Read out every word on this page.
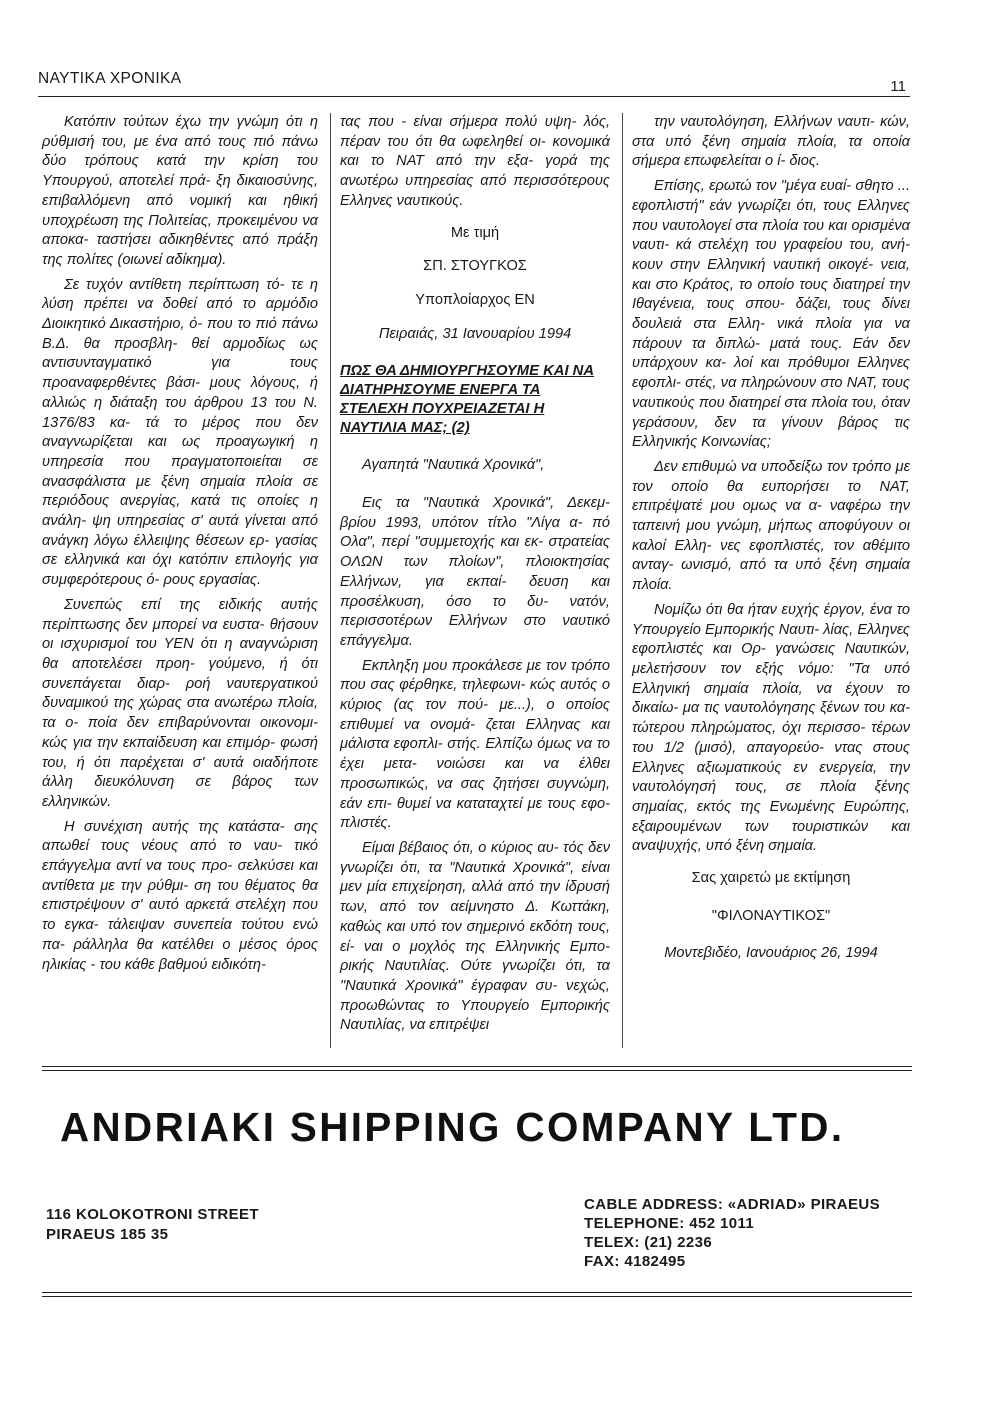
ΝΑΥΤΙΚΑ ΧΡΟΝΙΚΑ	11

Κατόπιν τούτων έχω την γνώμη ότι η ρύθμισή του, με ένα από τους πιό πάνω δύο τρόπους κατά την κρίση του Υπουργού, αποτελεί πρά- ξη δικαιοσύνης, επιβαλλόμενη από νομική και ηθική υποχρέωση της Πολιτείας, προκειμένου να αποκα- ταστήσει αδικηθέντες από πράξη της πολίτες (οιωνεί αδίκημα).

Σε τυχόν αντίθετη περίπτωση τό- τε η λύση πρέπει να δοθεί από το αρμόδιο Διοικητικό Δικαστήριο, ό- που το πιό πάνω Β.Δ. θα προσβλη- θεί αρμοδίως ως αντισυνταγματικό για τους προαναφερθέντες βάσι- μους λόγους, ή αλλιώς η διάταξη του άρθρου 13 του Ν. 1376/83 κα- τά το μέρος που δεν αναγνωρίζεται και ως προαγωγική η υπηρεσία που πραγματοποιείται σε ανασφάλιστα με ξένη σημαία πλοία σε περιόδους ανεργίας, κατά τις οποίες η ανάλη- ψη υπηρεσίας σ' αυτά γίνεται από ανάγκη λόγω έλλειψης θέσεων ερ- γασίας σε ελληνικά και όχι κατόπιν επιλογής για συμφερότερους ό- ρους εργασίας.

Συνεπώς επί της ειδικής αυτής περίπτωσης δεν μπορεί να ευστα- θήσουν οι ισχυρισμοί του ΥΕΝ ότι η αναγνώριση θα αποτελέσει προη- γούμενο, ή ότι συνεπάγεται διαρ- ροή ναυτεργατικού δυναμικού της χώρας στα ανωτέρω πλοία, τα ο- ποία δεν επιβαρύνονται οικονομι- κώς για την εκπαίδευση και επιμόρ- φωσή του, ή ότι παρέχεται σ' αυτά οιαδήποτε άλλη διευκόλυνση σε βάρος των ελληνικών.

Η συνέχιση αυτής της κατάστα- σης απωθεί τους νέους από το ναυ- τικό επάγγελμα αντί να τους προ- σελκύσει και αντίθετα με την ρύθμι- ση του θέματος θα επιστρέψουν σ' αυτό αρκετά στελέχη που το εγκα- τάλειψαν συνεπεία τούτου ενώ πα- ράλληλα θα κατέλθει ο μέσος όρος ηλικίας - του κάθε βαθμού ειδικότη-

τας που - είναι σήμερα πολύ υψη- λός, πέραν του ότι θα ωφεληθεί οι- κονομικά και το ΝΑΤ από την εξα- γορά της ανωτέρω υπηρεσίας από περισσότερους Ελληνες ναυτικούς.

Με τιμή
ΣΠ. ΣΤΟΥΓΚΟΣ
Υποπλοίαρχος ΕΝ
Πειραιάς, 31 Ιανουαρίου 1994
ΠΩΣ ΘΑ ΔΗΜΙΟΥΡΓΗΣΟΥΜΕ ΚΑΙ ΝΑ ΔΙΑΤΗΡΗΣΟΥΜΕ ΕΝΕΡΓΑ ΤΑ ΣΤΕΛΕΧΗ ΠΟΥΧΡΕΙΑΖΕΤΑΙ Η ΝΑΥΤΙΛΙΑ ΜΑΣ; (2)
Αγαπητά "Ναυτικά Χρονικά",

Εις τα "Ναυτικά Χρονικά", Δεκεμ- βρίου 1993, υπότον τίτλο "Λίγα α- πό Ολα", περί "συμμετοχής και εκ- στρατείας ΟΛΩΝ των πλοίων", πλοιοκτησίας Ελλήνων, για εκπαί- δευση και προσέλκυση, όσο το δυ- νατόν, περισσοτέρων Ελλήνων στο ναυτικό επάγγελμα.

Εκπληξη μου προκάλεσε με τον τρόπο που σας φέρθηκε, τηλεφωνι- κώς αυτός ο κύριος (ας τον πού- με...), ο οποίος επιθυμεί να ονομά- ζεται Ελληνας και μάλιστα εφοπλι- στής. Ελπίζω όμως να το έχει μετα- νοιώσει και να έλθει προσωπικώς, να σας ζητήσει συγνώμη, εάν επι- θυμεί να καταταχτεί με τους εφο- πλιστές.

Είμαι βέβαιος ότι, ο κύριος αυ- τός δεν γνωρίζει ότι, τα "Ναυτικά Χρονικά", είναι μεν μία επιχείρηση, αλλά από την ίδρυσή των, από τον αείμνηστο Δ. Κωττάκη, καθώς και υπό τον σημερινό εκδότη τους, εί- ναι ο μοχλός της Ελληνικής Εμπο- ρικής Ναυτιλίας. Ούτε γνωρίζει ότι, τα "Ναυτικά Χρονικά" έγραφαν συ- νεχώς, προωθώντας το Υπουργείο Εμπορικής Ναυτιλίας, να επιτρέψει

την ναυτολόγηση, Ελλήνων ναυτι- κών, στα υπό ξένη σημαία πλοία, τα οποία σήμερα επωφελείται ο ί- διος.

Επίσης, ερωτώ τον "μέγα ευαί- σθητο ... εφοπλιστή" εάν γνωρίζει ότι, τους Ελληνες που ναυτολογεί στα πλοία του και ορισμένα ναυτι- κά στελέχη του γραφείου του, ανή- κουν στην Ελληνική ναυτική οικογέ- νεια, και στο Κράτος, το οποίο τους διατηρεί την Ιθαγένεια, τους σπου- δάζει, τους δίνει δουλειά στα Ελλη- νικά πλοία για να πάρουν τα διπλώ- ματά τους. Εάν δεν υπάρχουν κα- λοί και πρόθυμοι Ελληνες εφοπλι- στές, να πληρώνουν στο ΝΑΤ, τους ναυτικούς που διατηρεί στα πλοία του, όταν γεράσουν, δεν τα γίνουν βάρος τις Ελληνικής Κοινωνίας;

Δεν επιθυμώ να υποδείξω τον τρόπο με τον οποίο θα ευπορήσει το ΝΑΤ, επιτρέψατέ μου ομως να α- ναφέρω την ταπεινή μου γνώμη, μήπως αποφύγουν οι καλοί Ελλη- νες εφοπλιστές, τον αθέμιτο ανταγ- ωνισμό, από τα υπό ξένη σημαία πλοία.

Νομίζω ότι θα ήταν ευχής έργον, ένα το Υπουργείο Εμπορικής Ναυτι- λίας, Ελληνες εφοπλιστές και Ορ- γανώσεις Ναυτικών, μελετήσουν τον εξής νόμο: "Τα υπό Ελληνική σημαία πλοία, να έχουν το δικαίω- μα τις ναυτολόγησης ξένων του κα- τώτερου πληρώματος, όχι περισσο- τέρων του 1/2 (μισό), απαγορεύο- ντας στους Ελληνες αξιωματικούς εν ενεργεία, την ναυτολόγησή τους, σε πλοία ξένης σημαίας, εκτός της Ενωμένης Ευρώπης, εξαιρουμένων των τουριστικών και αναψυχής, υπό ξένη σημαία.

Σας χαιρετώ με εκτίμηση
"ΦΙΛΟΝΑΥΤΙΚΟΣ"
Μοντεβιδέο, Ιανουάριος 26, 1994
ANDRIAKI SHIPPING COMPANY LTD.
116 KOLOKOTRONI STREET
PIRAEUS 185 35
CABLE ADDRESS: «ADRIAD» PIRAEUS
TELEPHONE: 452 1011
TELEX: (21) 2236
FAX: 4182495
